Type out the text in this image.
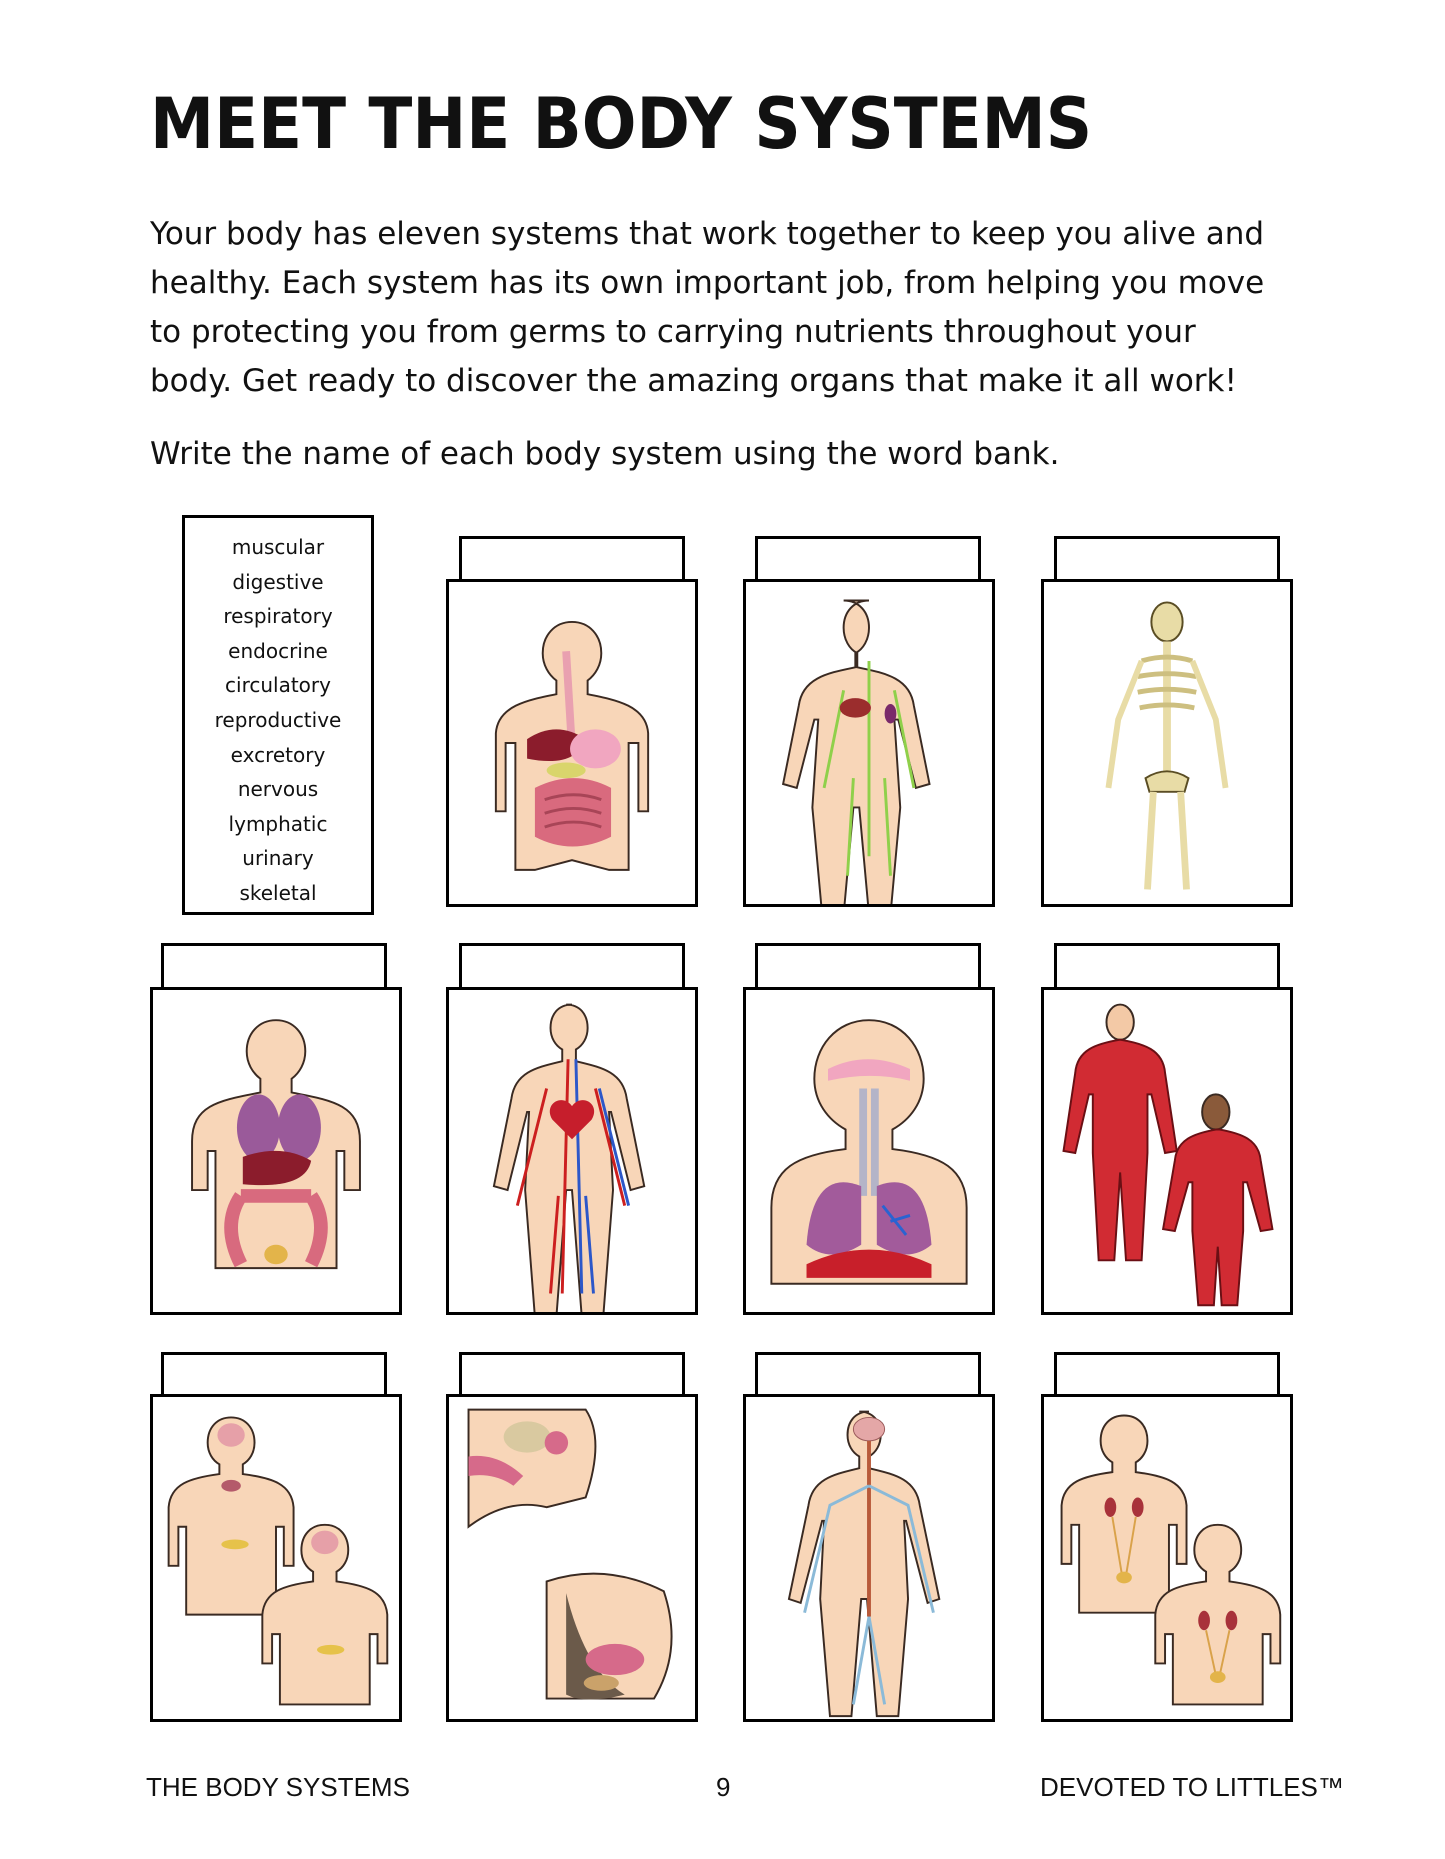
MEET THE BODY SYSTEMS

Your body has eleven systems that work together to keep you alive and healthy. Each system has its own important job, from helping you move to protecting you from germs to carrying nutrients throughout your body. Get ready to discover the amazing organs that make it all work!

Write the name of each body system using the word bank.

muscular
digestive
respiratory
endocrine
circulatory
reproductive
excretory
nervous
lymphatic
urinary
skeletal
THE BODY SYSTEMS	9	DEVOTED TO LITTLES™
